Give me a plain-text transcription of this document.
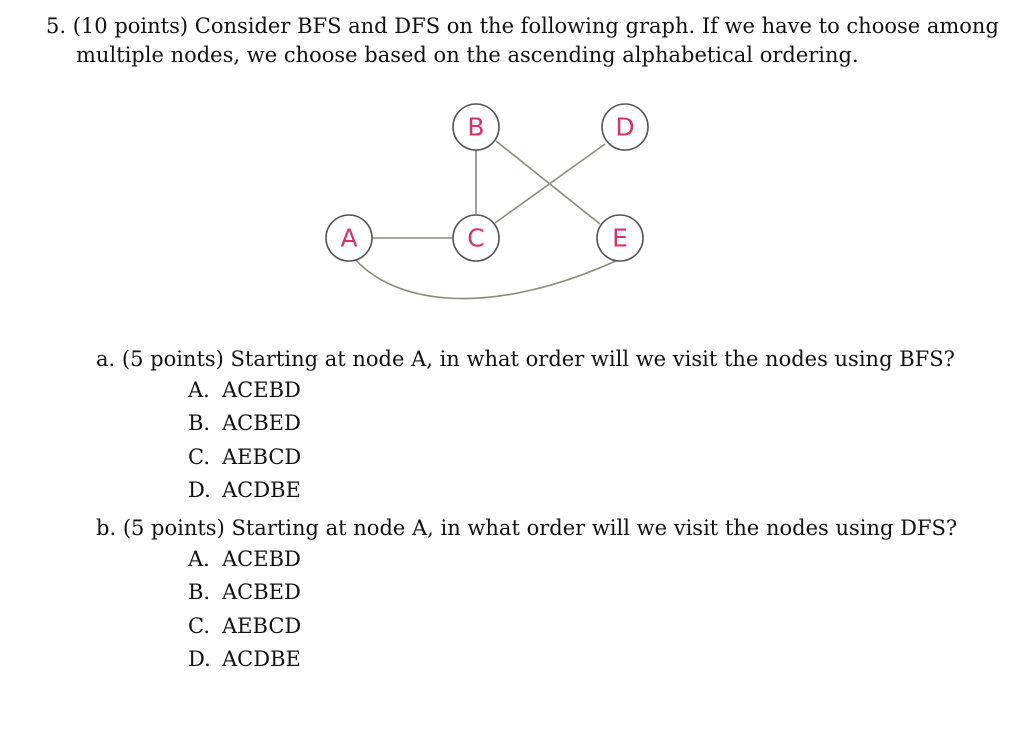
5. (10 points) Consider BFS and DFS on the following graph. If we have to choose among
multiple nodes, we choose based on the ascending alphabetical ordering.
A
B
C
D
E
a. (5 points) Starting at node A, in what order will we visit the nodes using BFS?
A. ACEBD
B. ACBED
C. AEBCD
D. ACDBE
b. (5 points) Starting at node A, in what order will we visit the nodes using DFS?
A. ACEBD
B. ACBED
C. AEBCD
D. ACDBE
